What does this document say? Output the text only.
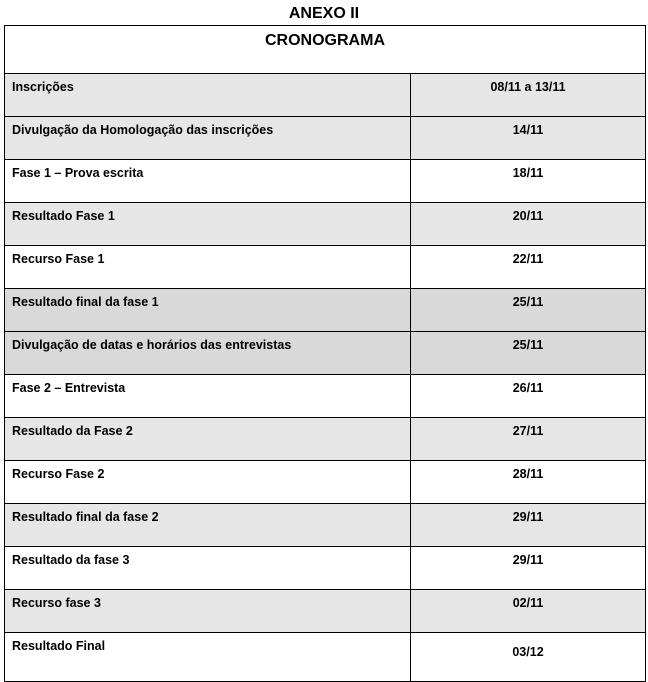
ANEXO II
CRONOGRAMA	
Inscrições	08/11 a 13/11
Divulgação da Homologação das inscrições	14/11
Fase 1 – Prova escrita	18/11
Resultado Fase 1	20/11
Recurso Fase 1	22/11
Resultado final da fase 1	25/11
Divulgação de datas e horários das entrevistas	25/11
Fase 2 – Entrevista	26/11
Resultado da Fase 2	27/11
Recurso Fase 2	28/11
Resultado final da fase 2	29/11
Resultado da fase 3	29/11
Recurso fase 3	02/11
Resultado Final	03/12
